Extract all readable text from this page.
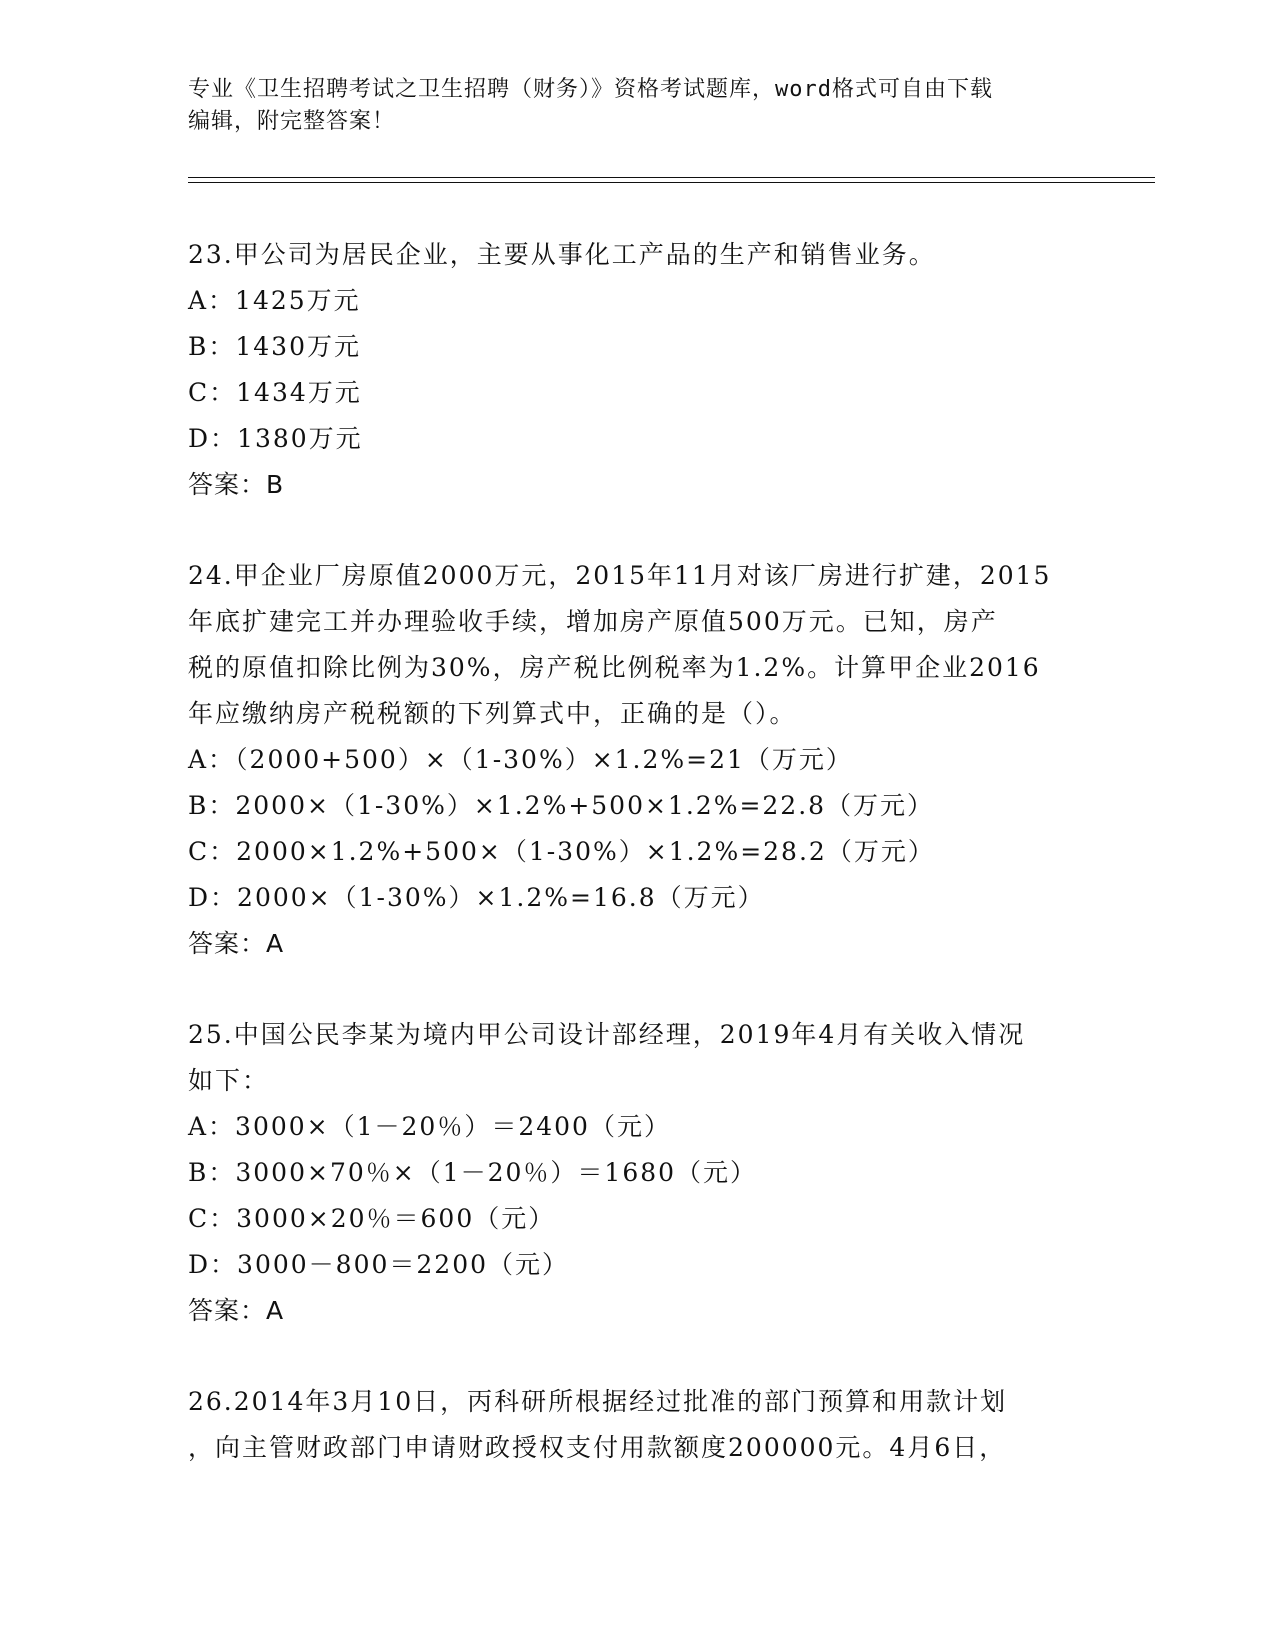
专业《卫生招聘考试之卫生招聘（财务）》资格考试题库，word格式可自由下载
编辑，附完整答案！
23.甲公司为居民企业，主要从事化工产品的生产和销售业务。
A：1425万元
B：1430万元
C：1434万元
D：1380万元
答案：B
24.甲企业厂房原值2000万元，2015年11月对该厂房进行扩建，2015
年底扩建完工并办理验收手续，增加房产原值500万元。已知，房产
税的原值扣除比例为30%，房产税比例税率为1.2%。计算甲企业2016
年应缴纳房产税税额的下列算式中，正确的是（）。
A：（2000+500）×（1-30%）×1.2%=21（万元）
B：2000×（1-30%）×1.2%+500×1.2%=22.8（万元）
C：2000×1.2%+500×（1-30%）×1.2%=28.2（万元）
D：2000×（1-30%）×1.2%=16.8（万元）
答案：A
25.中国公民李某为境内甲公司设计部经理，2019年4月有关收入情况
如下：
A：3000×（1－20％）＝2400（元）
B：3000×70％×（1－20％）＝1680（元）
C：3000×20％＝600（元）
D：3000－800＝2200（元）
答案：A
26.2014年3月10日，丙科研所根据经过批准的部门预算和用款计划
，向主管财政部门申请财政授权支付用款额度200000元。4月6日，
